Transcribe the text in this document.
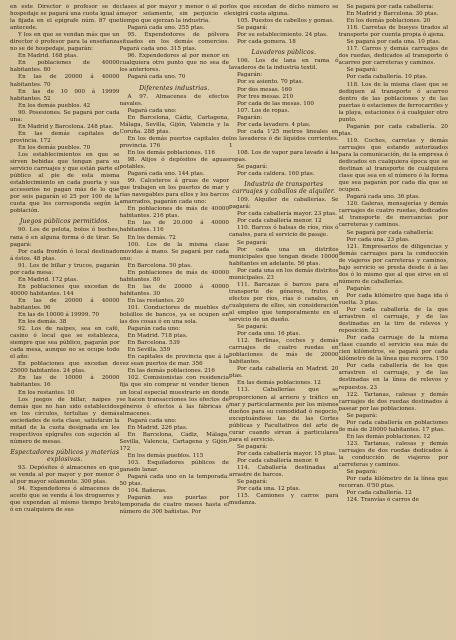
en este Director ó profesor se dé hospedaje se pagará una cuota igual á la fijada en el epígrafe núm. 87 que antecede.

Y los en que se vendan más que un director ó profesor para la enseñanza no se dé hospedaje, pagarán:

En Madrid. 168 ptas.

En poblaciones de 40000 habitantes. 80

En las de 20000 á 40000 habitantes. 70

En las de 10 000 á 19999 habitantes. 52

En los demás pueblos. 42

90. Posesiones. Se pagará por cada una:

En Madrid y Barcelona. 248 ptas.

En las demás capitales de provincia. 172

En los demás pueblos. 70

Los establecimientos en que se sirven bebidas que tengan para su servicio carruajes y que están parte el público al pie de esta misma establecimiento en cada puerta y sus accesorios no pagan más de lo que por seis pagarán el 25 por 100 de la cuota que les corresponda según la población.

Juegos públicos permitidos.

90. Los de pelota, bolos ó boches, rana ó en alguna forma ó de tirar. Se pagará:

Por cada frontón ó local destinado á éstos. 48 ptas.

91. Los de billar y trucos, pagarán por cada mesa:

En Madrid. 172 ptas.

En poblaciones que excedan de 40000 habitantes. 144

En las de 20000 á 40000 habitantes. 96

En las de 10000 á 19999. 70

En los demás. 38

92. Los de naipes, sea en café, casino ó local que se establezca, siempre que sea público, pagarán por cada mesa, aunque no se ocupe todo el año:

En poblaciones que excedan de 25000 habitantes. 24 ptas.

En las de 10000 á 20000 habitantes. 16

En los restantes. 10

Los juegos de billar, naipes y demás que no han sido establecidos en los círculos, tertulias y demás sociedades de esta clase, satisfarán la mitad de la cuota designada en los respectivos epígrafes con sujeción al número de mesas.

Espectadores públicos y materias explosivas.

93. Depósitos ó almacenes en que se venda al por mayor y por menor ó al por mayor solamente. 300 ptas.

94. Expendedores ó almacenes de aceite que se venda á los drogueros y que expendan al mismo tiempo bruto ó en cualquiera de sus

clases al por mayor y menor ó al por mayor solamente, sin perjuicio el tiempo que ejerzan la industria.

Pagará cada uno. 255 ptas.

95. Expendedores de pólvora situados en los demás comercios. Pagará cada uno. 315 ptas.

96. Expendedores al por menor en cualquiera otro punto que no sea de los anteriores.

Pagará cada uno. 70

Diferentes industrias.

A 97. Almacenes de efectos navales.

Pagará cada uno:

En Barcelona, Cádiz, Cartagena, Málaga, Sevilla, Gijón, Valencia y la Coruña. 288 ptas.

En los demás puertos capitales de provincia. 176

En los demás poblaciones. 116

98. Alijos ó depósitos de aguas potables.

Pagará cada uno. 144 ptas.

99. Calceteros á gruas de vapor que trabajen en los puertos de mar y rías navegables para ellos y los barcos amarrados, pagarán cada uno:

En poblaciones de más de 40000 habitantes. 216 ptas.

En las de 20.000 á 40000 habitantes. 116

En los demás. 72

100. Los de la misma clase movidas á mano. Se pagará por cada uno:

En Barcelona. 50 ptas.

En poblaciones de más de 40000 habitantes. 80

En las de 20000 á 40000 habitantes. 30

En las restantes. 20

101. Conductores de muebles de bolsillos de bancos, ya se ocupen en las dos cosas ó en una sola.

Pagarán cada uno:

En Madrid. 718 ptas.

En Barcelona. 539

En Sevilla. 359

En capitales de provincia que á la vez sean puertos de mar. 356

En las demás poblaciones. 216

102. Comisionistas con residencia fija que sin comprar ni vender tienen un local especial muestrario en donde se hacen transacciones los efectos de géneros ó efectos á las fábricas ó almacenes.

Pagará cada uno:

En Madrid. 226 ptas.

En Barcelona, Cádiz, Málaga, Sevilla, Valencia, Cartagena y Gijón. 172

En los demás pueblos. 115

103. Esquiladores públicos de ganado lanar.

Pagará cada uno en la temporada. 50 ptas.

104. Bañeras.

Pagarán sus puertas por temporada de cuatro meses hasta el número de 300 bañistas. Por

los que excedan de dicho número se exigirá cuota alguna.

105. Puestos de cabellos y gomas.

Se pagará:

Por su establecimiento. 24 ptas.

Por cada gomera. 18

Lavaderos públicos.

106. Los de lana en rama ó lavaderos de la industria textil.

Pagarán:

Por su asiento. 70 ptas.

Por dos mesas. 160

Por tres mesas. 210

Por cada de las mesas. 100

107. Los de ropas.

Pagarán:

Por cada lavadero. 4 ptas.

Por cada 1'25 metros lineales en los lavaderos ó de líquidos corrientes. 1

108. Los de vapor para lavado á las ropas.

Se pagará:

Por cada caldera. 160 ptas.

Industria de transportes carruajes y caballos de alquiler.

109. Alquiler de caballerías. Se pagará:

Por cada caballería mayor. 23 ptas.

Por cada caballería menor. 12

110. Barcos ó balsas de ríos, ríos ó canales, para el servicio de pasaje.

Se pagará:

Por cada una en distritos municipales que tengan desde 10000 habitantes en adelante. 56 ptas.

Por cada una en los demás distritos municipales. 23

111. Barcazas ó barcos para el transporte de géneros, frutos ó efectos por ríos, rías ó canales, en cualquiera de ellos, sin consideración al empleo que temporalmente en el servicio de un dueño.

Se pagará:

Por cada uno. 16 ptas.

112. Berlinas, coches y demás carruajes de cuatro ruedas en poblaciones de más de 20000 habitantes.

Por cada caballería en Madrid. 20 ptas.

En las demás poblaciones. 12

113. Caballerías que se proporcionen al arriero y tráfico en mar y particularmente por los mismos dueños para su comodidad ó negocio, exceptuándose las de las Cortes públicas y Facultativos del arte de curar cuando sirvan á particulares para el servicio.

Se pagará:

Por cada caballería mayor. 15 ptas.

Por cada caballería menor. 6

114. Caballería destinadas al arrastre de barcos.

Se pagará:

Por cada una. 12 ptas.

115. Camiones y carros para mudanza.

Se pagará por cada caballería:

En Madrid y Barcelona. 30 ptas.

En los demás poblaciones. 20

116. Carretas de bueyes tirados al transporte por cuenta propia ó ajena.

Se pagará por cada una. 10 ptas.

117. Carros y demás carruajes de dos ruedas, dedicados al transporte ó acarreo por carreteras y caminos.

Se pagará:

Por cada caballería. 10 ptas.

118. Los de la misma clase que se dediquen al transporte ó acarreo dentro de las poblaciones y de las puertas ó estaciones de ferrocarriles y la playa, estaciones ó á cualquier otro punto.

Pagarán por cada caballería. 20 ptas.

119. Coches, carretas y demás carruajes que estando autorizados para la comunicación, de la empresa ó dedicados en cualquiera época que se destinan al transporte de cualquiera clase que sea en el número ó la forma que sea pagarán por cada día que se ocupen.

Pagará cada uno. 36 ptas.

120. Galeras, mensajerías y demás carruajes de cuatro ruedas, dedicados al transporte de mercancías por carreteras y caminos.

Se pagará por cada caballería:

Por cada una. 23 ptas.

121. Empresarios de diligencias y demás carruajes para la conducción de viajeros por carreteras y caminos, bajo servicio se presta desde ó á las dos ó lo mismo que al que sirve en el número de caballerías.

Pagarán:

Por cada kilómetro que haga ida ó vuelta. 3 ptas.

Por cada caballería de la que arrastren el carruaje, y de las destinadas en la tiro de relevos y reposición. 23

Por cada carruaje de la misma clase cuando el servicio sea más de cien kilómetros, se pagará por cada kilómetro de la línea que recorra. 1'50

Por cada caballería de los que arrastren el carruaje, y de las destinadas en la línea de relevos y repuestos. 23

122. Tartanas, calesas y demás carruajes de dos ruedas destinados á pasear por las poblaciones.

Se pagará:

Por cada caballería en poblaciones de más de 20000 habitantes. 17 ptas.

En las demás poblaciones. 12

123. Tartanas, calesas y demás carruajes de dos ruedas dedicados á la conducción de viajeros por carreteras y caminos.

Se pagará:

Por cada kilómetro de la línea que recorran. 0'50 ptas.

Por cada caballería. 12

124. Tranvías ó carros de
